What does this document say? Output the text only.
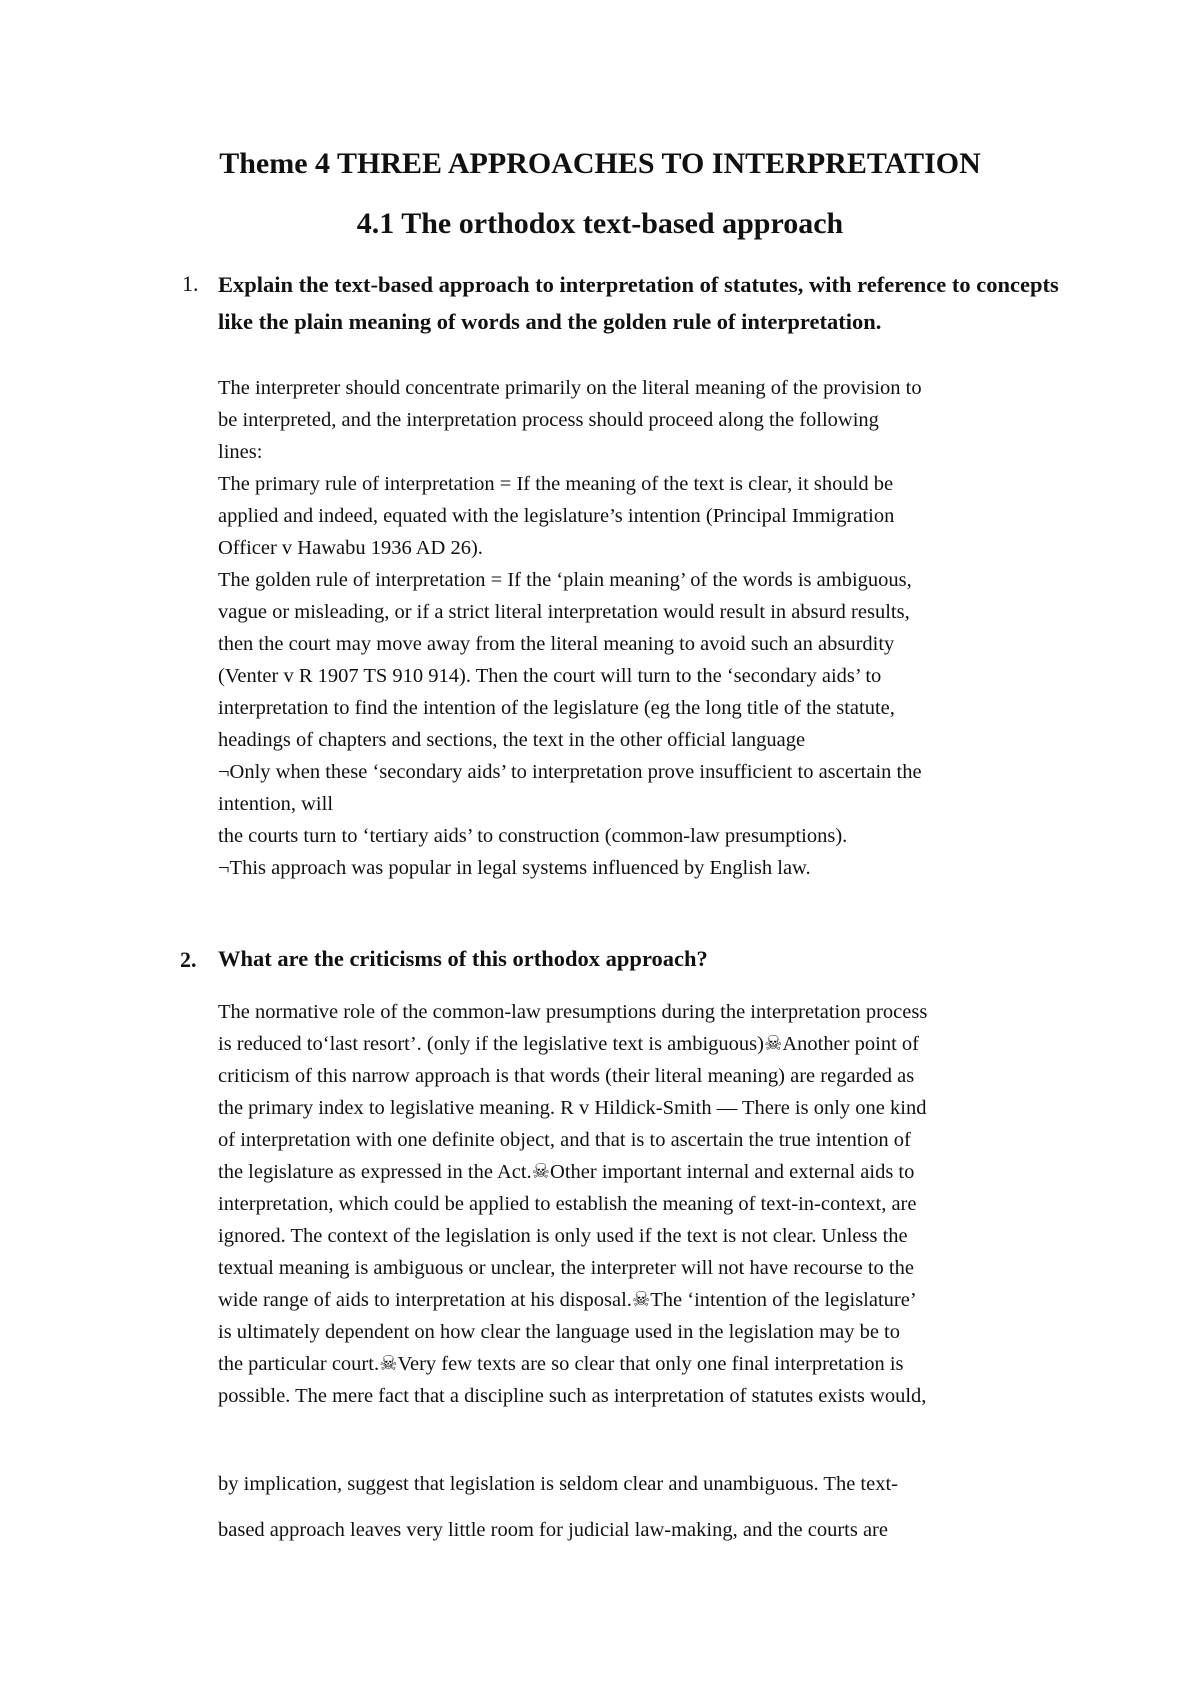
Theme 4 THREE APPROACHES TO INTERPRETATION
4.1 The orthodox text-based approach
1. Explain the text-based approach to interpretation of statutes, with reference to concepts like the plain meaning of words and the golden rule of interpretation.

The interpreter should concentrate primarily on the literal meaning of the provision to

be interpreted, and the interpretation process should proceed along the following

lines:

The primary rule of interpretation = If the meaning of the text is clear, it should be

applied and indeed, equated with the legislature’s intention (Principal Immigration

Officer v Hawabu 1936 AD 26).

The golden rule of interpretation = If the ‘plain meaning’ of the words is ambiguous,

vague or misleading, or if a strict literal interpretation would result in absurd results,

then the court may move away from the literal meaning to avoid such an absurdity

(Venter v R 1907 TS 910 914). Then the court will turn to the ‘secondary aids’ to

interpretation to find the intention of the legislature (eg the long title of the statute,

headings of chapters and sections, the text in the other official language

¬Only when these ‘secondary aids’ to interpretation prove insufficient to ascertain the

intention, will

the courts turn to ‘tertiary aids’ to construction (common-law presumptions).

¬This approach was popular in legal systems influenced by English law.

2. What are the criticisms of this orthodox approach?

The normative role of the common-law presumptions during the interpretation process

is reduced to‘last resort’. (only if the legislative text is ambiguous)☠Another point of

criticism of this narrow approach is that words (their literal meaning) are regarded as

the primary index to legislative meaning. R v Hildick-Smith — There is only one kind

of interpretation with one definite object, and that is to ascertain the true intention of

the legislature as expressed in the Act.☠Other important internal and external aids to

interpretation, which could be applied to establish the meaning of text-in-context, are

ignored. The context of the legislation is only used if the text is not clear. Unless the

textual meaning is ambiguous or unclear, the interpreter will not have recourse to the

wide range of aids to interpretation at his disposal.☠The ‘intention of the legislature’

is ultimately dependent on how clear the language used in the legislation may be to

the particular court.☠Very few texts are so clear that only one final interpretation is

possible. The mere fact that a discipline such as interpretation of statutes exists would,

by implication, suggest that legislation is seldom clear and unambiguous. The text-

based approach leaves very little room for judicial law-making, and the courts are
